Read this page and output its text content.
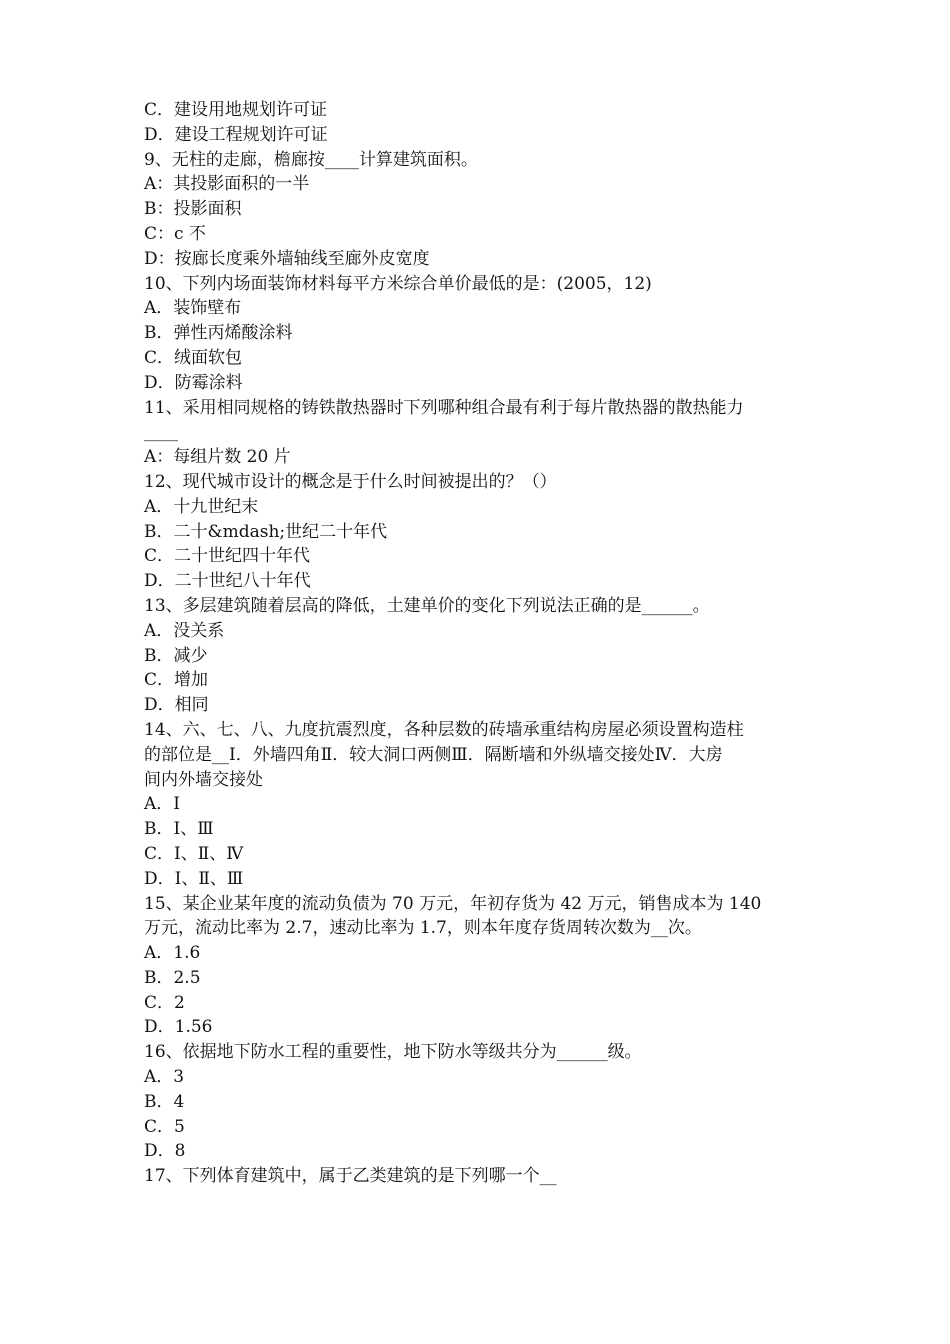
C．建设用地规划许可证
D．建设工程规划许可证
9、无柱的走廊，檐廊按____计算建筑面积。
A：其投影面积的一半
B：投影面积
C：c 不
D：按廊长度乘外墙轴线至廊外皮宽度
10、下列内场面装饰材料每平方米综合单价最低的是：(2005，12)
A．装饰壁布
B．弹性丙烯酸涂料
C．绒面软包
D．防霉涂料
11、采用相同规格的铸铁散热器时下列哪种组合最有利于每片散热器的散热能力
____
A：每组片数 20 片
12、现代城市设计的概念是于什么时间被提出的？（）
A．十九世纪末
B．二十&mdash;世纪二十年代
C．二十世纪四十年代
D．二十世纪八十年代
13、多层建筑随着层高的降低，土建单价的变化下列说法正确的是______。
A．没关系
B．减少
C．增加
D．相同
14、六、七、八、九度抗震烈度，各种层数的砖墙承重结构房屋必须设置构造柱
的部位是__Ⅰ．外墙四角Ⅱ．较大洞口两侧Ⅲ．隔断墙和外纵墙交接处Ⅳ．大房
间内外墙交接处
A．Ⅰ
B．Ⅰ、Ⅲ
C．Ⅰ、Ⅱ、Ⅳ
D．Ⅰ、Ⅱ、Ⅲ
15、某企业某年度的流动负债为 70 万元，年初存货为 42 万元，销售成本为 140
万元，流动比率为 2.7，速动比率为 1.7，则本年度存货周转次数为__次。
A．1.6
B．2.5
C．2
D．1.56
16、依据地下防水工程的重要性，地下防水等级共分为______级。
A．3
B．4
C．5
D．8
17、下列体育建筑中，属于乙类建筑的是下列哪一个__
